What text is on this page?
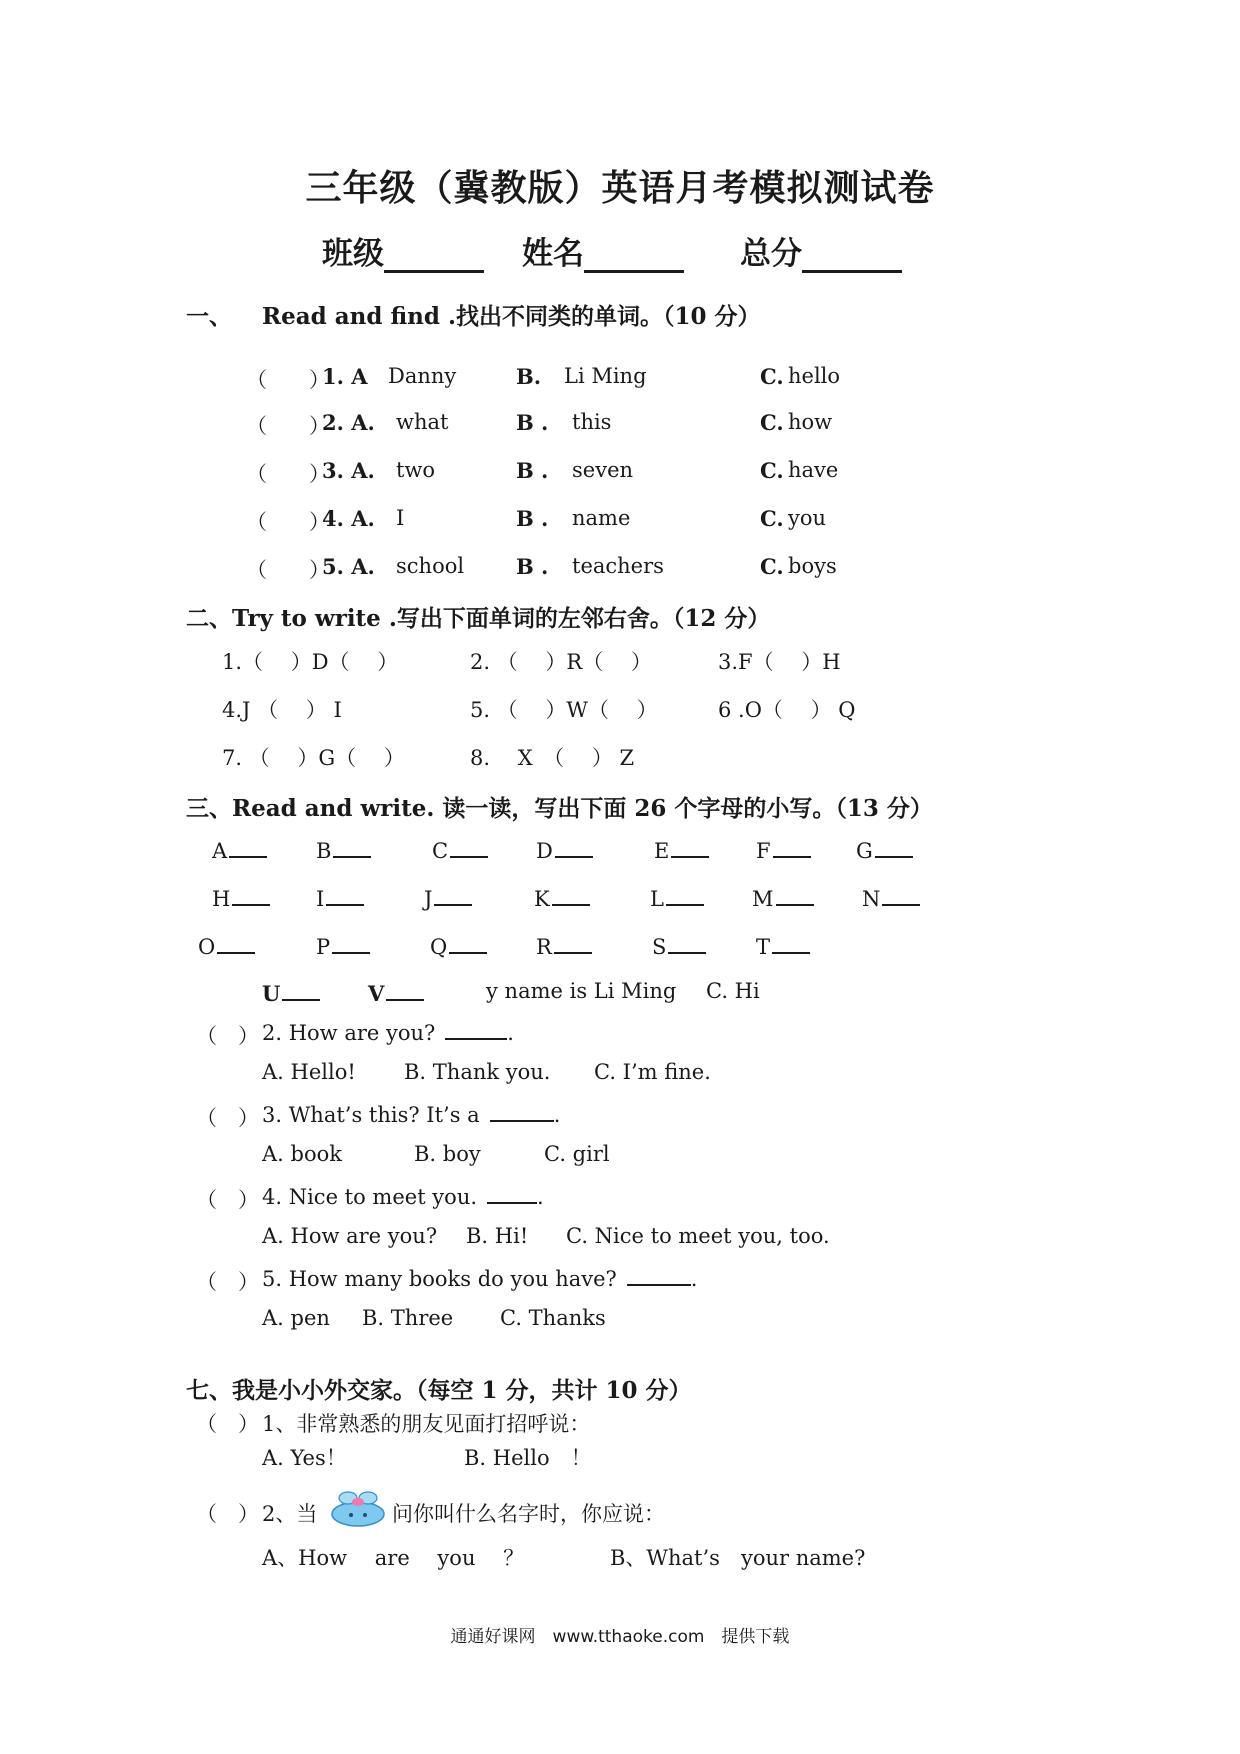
三年级（冀教版）英语月考模拟测试卷
班级	姓名	总分
一、 Read and find .找出不同类的单词。（10 分）
（　　）
1. A Danny	B. Li Ming	C. hello
（　　）
2. A. what	B . this	C. how
（　　）
3. A. two	B . seven	C. have
（　　）
4. A. I	B . name	C. you
（　　）
5. A. school B . teachers	C. boys
二、Try to write .写出下面单词的左邻右舍。（12 分）
1.（　 ）D（　 ）	2. （　 ）R（　 ）	3.F（　 ）H
4.J （　 ） I	5. （　 ）W（　 ）	6 .O（　 ） Q
7. （　 ）G（　 ）	8.　 X　（　 ） Z
三、Read and write. 读一读，写出下面 26 个字母的小写。（13 分）
A	B	C	D	E	F	G
H	I	J	K	L	M	N
O	P	Q	R	S	T
U	V	y name is Li Ming C. Hi
（　） 2. How are you?	.
A. Hello! B. Thank you. C. I’m fine.
（　） 3. What’s this? It’s a	.
A. book	B. boy	C. girl
（　） 4. Nice to meet you.	.
A. How are you? B. Hi! C. Nice to meet you, too.
（　） 5. How many books do you have?	.
A. pen B. Three C. Thanks
七、我是小小外交家。（每空 1 分，共计 10 分）
（　） 1、非常熟悉的朋友见面打招呼说：
A. Yes！	B. Hello　！
（　） 2、当	问你叫什么名字时，你应说：
A、How　 are　 you　 ？	B、What’s　your name?
通通好课网　www.tthaoke.com　提供下载
